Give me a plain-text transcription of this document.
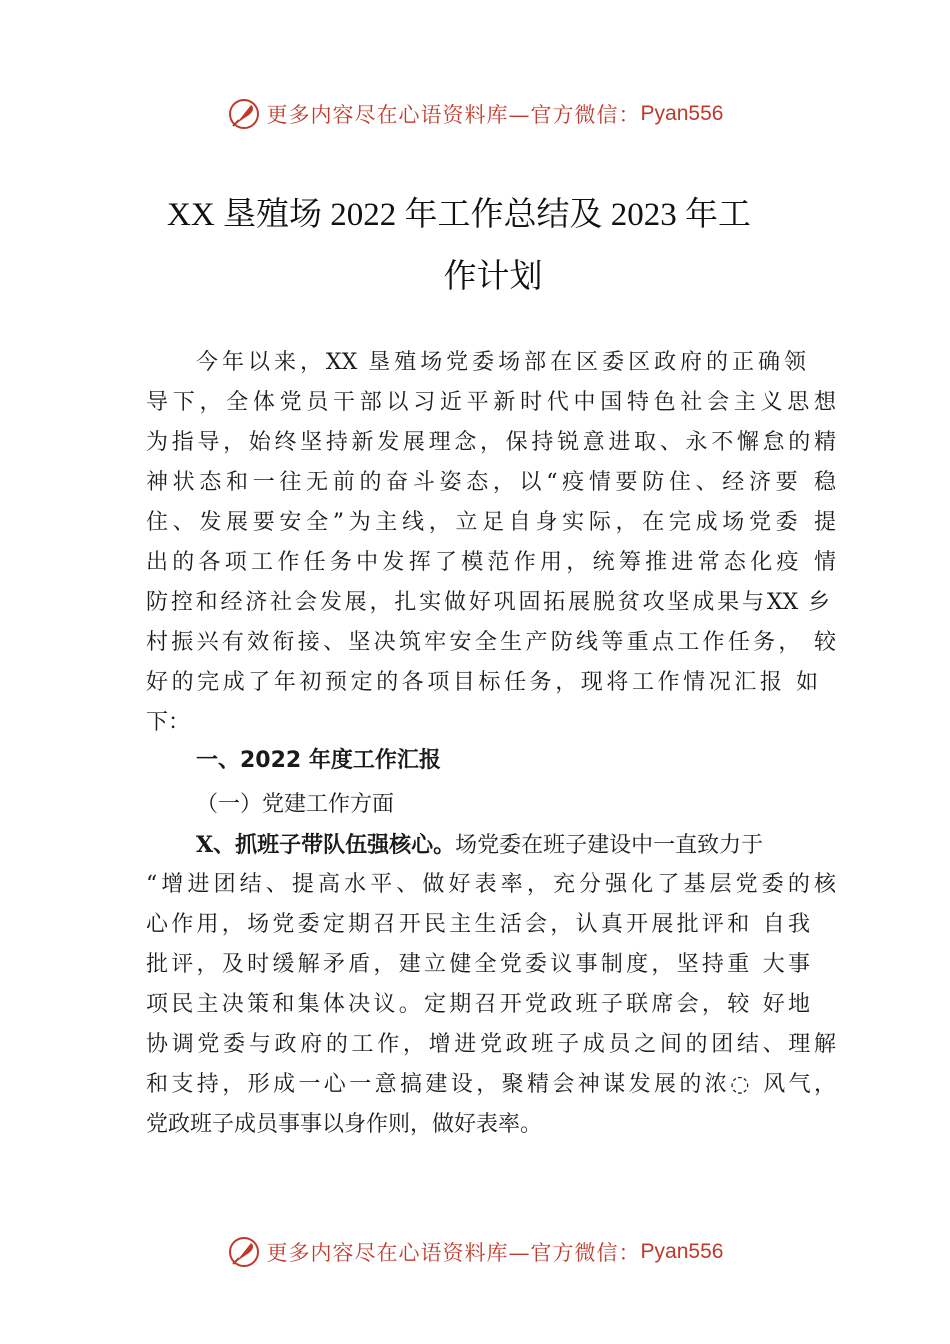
更多内容尽在心语资料库—官方微信： Pyan556
XX 垦殖场 2022 年工作总结及 2023 年工
作计划
今年以来，XX 垦殖场党委场部在区委区政府的正确领
导下，全体党员干部以习近平新时代中国特色社会主义思想
为指导，始终坚持新发展理念，保持锐意进取、永不懈怠的精
神状态和一往无前的奋斗姿态，以“疫情要防住、经济要 稳
住、发展要安全”为主线，立足自身实际，在完成场党委 提
出的各项工作任务中发挥了模范作用，统筹推进常态化疫 情
防控和经济社会发展，扎实做好巩固拓展脱贫攻坚成果与XX 乡
村振兴有效衔接、坚决筑牢安全生产防线等重点工作任务， 较
好的完成了年初预定的各项目标任务，现将工作情况汇报 如
下：
一、2022 年度工作汇报
（一）党建工作方面
X、抓班子带队伍强核心。场党委在班子建设中一直致力于
“增进团结、提高水平、做好表率，充分强化了基层党委的核
心作用，场党委定期召开民主生活会，认真开展批评和 自我
批评，及时缓解矛盾，建立健全党委议事制度，坚持重 大事
项民主决策和集体决议。定期召开党政班子联席会，较 好地
协调党委与政府的工作，增进党政班子成员之间的团结、理解
和支持，形成一心一意搞建设，聚精会神谋发展的浓◌ 风气，
党政班子成员事事以身作则，做好表率。
更多内容尽在心语资料库—官方微信： Pyan556
